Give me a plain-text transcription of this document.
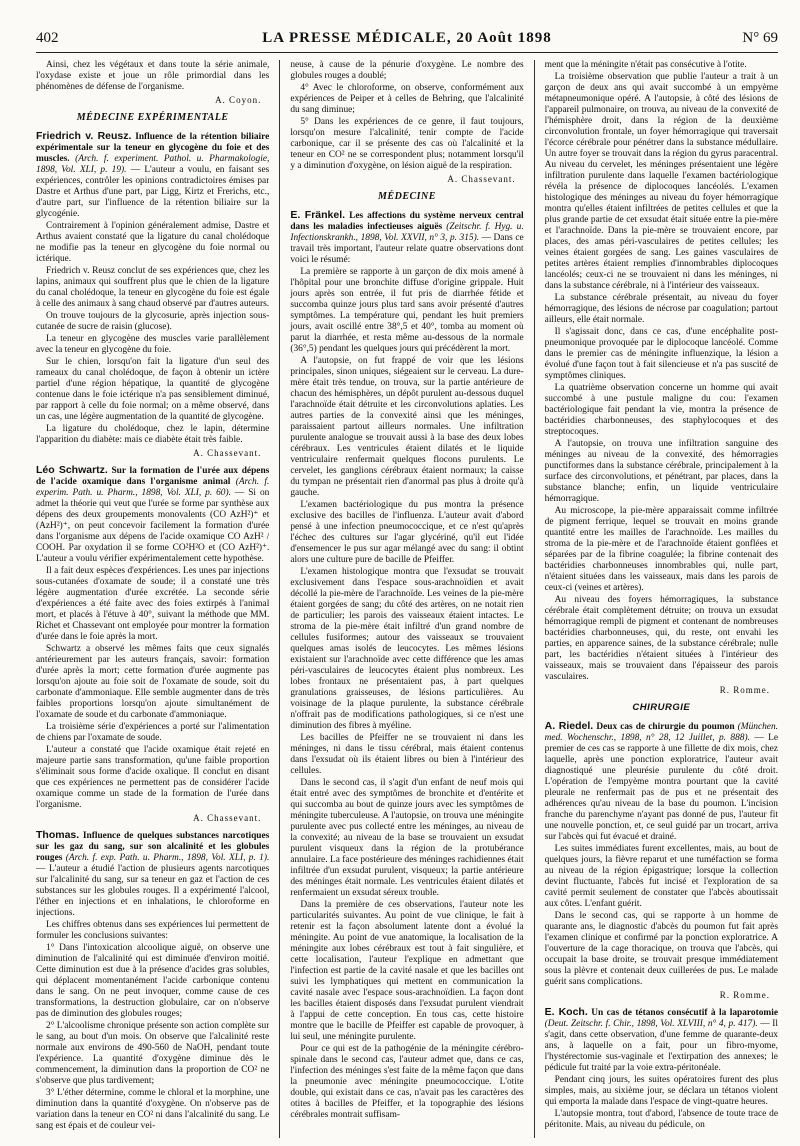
402	LA PRESSE MÉDICALE, 20 Août 1898	N° 69

Ainsi, chez les végétaux et dans toute la série animale, l'oxydase existe et joue un rôle primordial dans les phénomènes de défense de l'organisme.

A. Coyon.
MÉDECINE EXPÉRIMENTALE

Friedrich v. Reusz. Influence de la rétention biliaire expérimentale sur la teneur en glycogène du foie et des muscles. (Arch. f. experiment. Pathol. u. Pharmakologie, 1898, Vol. XLI, p. 19). — L'auteur a voulu, en faisant ses expériences, contrôler les opinions contradictoires émises par Dastre et Arthus d'une part, par Ligg, Kirtz et Frerichs, etc., d'autre part, sur l'influence de la rétention biliaire sur la glycogénie.

Contrairement à l'opinion généralement admise, Dastre et Arthus avaient constaté que la ligature du canal cholédoque ne modifie pas la teneur en glycogène du foie normal ou ictérique.

Friedrich v. Reusz conclut de ses expériences que, chez les lapins, animaux qui souffrent plus que le chien de la ligature du canal cholédoque, la teneur en glycogène du foie est égale à celle des animaux à sang chaud observé par d'autres auteurs.

On trouve toujours de la glycosurie, après injection sous-cutanée de sucre de raisin (glucose).

La teneur en glycogène des muscles varie parallèlement avec la teneur en glycogène du foie.

Sur le chien, lorsqu'on fait la ligature d'un seul des rameaux du canal cholédoque, de façon à obtenir un ictère partiel d'une région hépatique, la quantité de glycogène contenue dans le foie ictérique n'a pas sensiblement diminué, par rapport à celle du foie normal; on a même observé, dans un cas, une légère augmentation de la quantité de glycogène.

La ligature du cholédoque, chez le lapin, détermine l'apparition du diabète: mais ce diabète était très faible.

A. Chassevant.

Léo Schwartz. Sur la formation de l'urée aux dépens de l'acide oxamique dans l'organisme animal (Arch. f. experim. Path. u. Pharm., 1898, Vol. XLI, p. 60). — Si on admet la théorie qui veut que l'urée se forme par synthèse aux dépens des deux groupements monovalents (CO AzH²)⁺ et (AzH²)⁺, on peut concevoir facilement la formation d'urée dans l'organisme aux dépens de l'acide oxamique CO AzH² / COOH. Par oxydation il se forme CO²H²O et (CO AzH²)⁺. L'auteur a voulu vérifier expérimentalement cette hypothèse.

Il a fait deux espèces d'expériences. Les unes par injections sous-cutanées d'oxamate de soude; il a constaté une très légère augmentation d'urée excrétée. La seconde série d'expériences a été faite avec des foies extirpés à l'animal mort, et placés à l'étuve à 40°, suivant la méthode que MM. Richet et Chassevant ont employée pour montrer la formation d'urée dans le foie après la mort.

Schwartz a observé les mêmes faits que ceux signalés antérieurement par les auteurs français, savoir: formation d'urée après la mort; cette formation d'urée augmente pas lorsqu'on ajoute au foie soit de l'oxamate de soude, soit du carbonate d'ammoniaque. Elle semble augmenter dans de très faibles proportions lorsqu'on ajoute simultanément de l'oxamate de soude et du carbonate d'ammoniaque.

La troisième série d'expériences a porté sur l'alimentation de chiens par l'oxamate de soude.

L'auteur a constaté que l'acide oxamique était rejeté en majeure partie sans transformation, qu'une faible proportion s'éliminait sous forme d'acide oxalique. Il conclut en disant que ces expériences ne permettent pas de considérer l'acide oxamique comme un stade de la formation de l'urée dans l'organisme.

A. Chassevant.

Thomas. Influence de quelques substances narcotiques sur les gaz du sang, sur son alcalinité et les globules rouges (Arch. f. exp. Path. u. Pharm., 1898, Vol. XLI, p. 1). — L'auteur a étudié l'action de plusieurs agents narcotiques sur l'alcalinité du sang, sur sa teneur en gaz et l'action de ces substances sur les globules rouges. Il a expérimenté l'alcool, l'éther en injections et en inhalations, le chloroforme en injections.

Les chiffres obtenus dans ses expériences lui permettent de formuler les conclusions suivantes:

1° Dans l'intoxication alcoolique aiguë, on observe une diminution de l'alcalinité qui est diminuée d'environ moitié. Cette diminution est due à la présence d'acides gras solubles, qui déplacent momentanément l'acide carbonique contenu dans le sang. On ne peut invoquer, comme cause de ces transformations, la destruction globulaire, car on n'observe pas de diminution des globules rouges;

2° L'alcoolisme chronique présente son action complète sur le sang, au bout d'un mois. On observe que l'alcalinité reste normale aux environs de 490-560 de NaOH, pendant toute l'expérience. La quantité d'oxygène diminue dès le commencement, la diminution dans la proportion de CO² ne s'observe que plus tardivement;

3° L'éther détermine, comme le chloral et la morphine, une diminution dans la quantité d'oxygène. On n'observe pas de variation dans la teneur en CO² ni dans l'alcalinité du sang. Le sang est épais et de couleur vei-

neuse, à cause de la pénurie d'oxygène. Le nombre des globules rouges a doublé;

4° Avec le chloroforme, on observe, conformément aux expériences de Peiper et à celles de Behring, que l'alcalinité du sang diminue;

5° Dans les expériences de ce genre, il faut toujours, lorsqu'on mesure l'alcalinité, tenir compte de l'acide carbonique, car il se présente des cas où l'alcalinité et la teneur en CO² ne se correspondent plus; notamment lorsqu'il y a diminution d'oxygène, on lésion aiguë de la respiration.

A. Chassevant.
MÉDECINE

E. Fränkel. Les affections du système nerveux central dans les maladies infectieuses aiguës (Zeitschr. f. Hyg. u. Infectionskrankh., 1898, Vol. XXVII, n° 3, p. 315). — Dans ce travail très important, l'auteur relate quatre observations dont voici le résumé:

La première se rapporte à un garçon de dix mois amené à l'hôpital pour une bronchite diffuse d'origine grippale. Huit jours après son entrée, il fut pris de diarrhée fétide et succomba quinze jours plus tard sans avoir présenté d'autres symptômes. La température qui, pendant les huit premiers jours, avait oscillé entre 38°,5 et 40°, tomba au moment où parut la diarrhée, et resta même au-dessous de la normale (36°,5) pendant les quelques jours qui précédèrent la mort.

A l'autopsie, on fut frappé de voir que les lésions principales, sinon uniques, siégeaient sur le cerveau. La dure-mère était très tendue, on trouva, sur la partie antérieure de chacun des hémisphères, un dépôt purulent au-dessous duquel l'arachnoïde était détruite et les circonvolutions aplaties. Les autres parties de la convexité ainsi que les méninges, paraissaient partout ailleurs normales. Une infiltration purulente analogue se trouvait aussi à la base des deux lobes cérébraux. Les ventricules étaient dilatés et le liquide ventriculaire renfermait quelques flocons purulents. Le cervelet, les ganglions cérébraux étaient normaux; la caisse du tympan ne présentait rien d'anormal pas plus à droite qu'à gauche.

L'examen bactériologique du pus montra la présence exclusive des bacilles de l'influenza. L'auteur avait d'abord pensé à une infection pneumococcique, et ce n'est qu'après l'échec des cultures sur l'agar glycériné, qu'il eut l'idée d'ensemencer le pus sur agar mélangé avec du sang: il obtint alors une culture pure de bacille de Pfeiffer.

L'examen histologique montra que l'exsudat se trouvait exclusivement dans l'espace sous-arachnoïdien et avait décollé la pie-mère de l'arachnoïde. Les veines de la pie-mère étaient gorgées de sang; du côté des artères, on ne notait rien de particulier; les parois des vaisseaux étaient intactes. Le stroma de la pie-mère était infiltré d'un grand nombre de cellules fusiformes; autour des vaisseaux se trouvaient quelques amas isolés de leucocytes. Les mêmes lésions existaient sur l'arachnoïde avec cette différence que les amas péri-vasculaires de leucocytes étaient plus nombreux. Les lobes frontaux ne présentaient pas, à part quelques granulations graisseuses, de lésions particulières. Au voisinage de la plaque purulente, la substance cérébrale n'offrait pas de modifications pathologiques, si ce n'est une diminution des fibres à myéline.

Les bacilles de Pfeiffer ne se trouvaient ni dans les méninges, ni dans le tissu cérébral, mais étaient contenus dans l'exsudat où ils étaient libres ou bien à l'intérieur des cellules.

Dans le second cas, il s'agit d'un enfant de neuf mois qui était entré avec des symptômes de bronchite et d'entérite et qui succomba au bout de quinze jours avec les symptômes de méningite tuberculeuse. A l'autopsie, on trouva une méningite purulente avec pus collecté entre les méninges, au niveau de la convexité; au niveau de la base se trouvaient un exsudat purulent visqueux dans la région de la protubérance annulaire. La face postérieure des méninges rachidiennes était infiltrée d'un exsudat purulent, visqueux; la partie antérieure des méninges était normale. Les ventricules étaient dilatés et renfermaient un exsudat séreux trouble.

Dans la première de ces observations, l'auteur note les particularités suivantes. Au point de vue clinique, le fait à retenir est la façon absolument latente dont a évolué la méningite. Au point de vue anatomique, la localisation de la méningite aux lobes cérébraux est tout à fait singulière, et cette localisation, l'auteur l'explique en admettant que l'infection est partie de la cavité nasale et que les bacilles ont suivi les lymphatiques qui mettent en communication la cavité nasale avec l'espace sous-arachnoïdien. La façon dont les bacilles étaient disposés dans l'exsudat purulent viendrait à l'appui de cette conception. En tous cas, cette histoire montre que le bacille de Pfeiffer est capable de provoquer, à lui seul, une méningite purulente.

Pour ce qui est de la pathogénie de la méningite cérébro-spinale dans le second cas, l'auteur admet que, dans ce cas, l'infection des méninges s'est faite de la même façon que dans la pneumonie avec méningite pneumococcique. L'otite double, qui existait dans ce cas, n'avait pas les caractères des otites à bacilles de Pfeiffer, et la topographie des lésions cérébrales montrait suffisam-

ment que la méningite n'était pas consécutive à l'otite.

La troisième observation que publie l'auteur a trait à un garçon de deux ans qui avait succombé à un empyème métapneumonique opéré. A l'autopsie, à côté des lésions de l'appareil pulmonaire, on trouva, au niveau de la convexité de l'hémisphère droit, dans la région de la deuxième circonvolution frontale, un foyer hémorragique qui traversait l'écorce cérébrale pour pénétrer dans la substance médullaire. Un autre foyer se trouvait dans la région du gyrus paracentral. Au niveau du cervelet, les méninges présentaient une légère infiltration purulente dans laquelle l'examen bactériologique révéla la présence de diplocoques lancéolés. L'examen histologique des méninges au niveau du foyer hémorragique montra qu'elles étaient infiltrées de petites cellules et que la plus grande partie de cet exsudat était située entre la pie-mère et l'arachnoïde. Dans la pie-mère se trouvaient encore, par places, des amas péri-vasculaires de petites cellules; les veines étaient gorgées de sang. Les gaines vasculaires de petites artères étaient remplies d'innombrables diplocoques lancéolés; ceux-ci ne se trouvaient ni dans les méninges, ni dans la substance cérébrale, ni à l'intérieur des vaisseaux.

La substance cérébrale présentait, au niveau du foyer hémorragique, des lésions de nécrose par coagulation; partout ailleurs, elle était normale.

Il s'agissait donc, dans ce cas, d'une encéphalite post-pneumonique provoquée par le diplocoque lancéolé. Comme dans le premier cas de méningite influenzique, la lésion a évolué d'une façon tout à fait silencieuse et n'a pas suscité de symptômes cliniques.

La quatrième observation concerne un homme qui avait succombé à une pustule maligne du cou: l'examen bactériologique fait pendant la vie, montra la présence de bactéridies charbonneuses, des staphylocoques et des streptocoques.

A l'autopsie, on trouva une infiltration sanguine des méninges au niveau de la convexité, des hémorragies punctiformes dans la substance cérébrale, principalement à la surface des circonvolutions, et pénétrant, par places, dans la substance blanche; enfin, un liquide ventriculaire hémorragique.

Au microscope, la pie-mère apparaissait comme infiltrée de pigment ferrique, lequel se trouvait en moins grande quantité entre les mailles de l'arachnoïde. Les mailles du stroma de la pie-mère et de l'arachnoïde étaient gonflées et séparées par de la fibrine coagulée; la fibrine contenait des bactéridies charbonneuses innombrables qui, nulle part, n'étaient situées dans les vaisseaux, mais dans les parois de ceux-ci (veines et artères).

Au niveau des foyers hémorragiques, la substance cérébrale était complètement détruite; on trouva un exsudat hémorragique rempli de pigment et contenant de nombreuses bactéridies charbonneuses, qui, du reste, ont envahi les parties, en apparence saines, de la substance cérébrale; nulle part, les bactéridies n'étaient situées à l'intérieur des vaisseaux, mais se trouvaient dans l'épaisseur des parois vasculaires.

R. Romme.
CHIRURGIE

A. Riedel. Deux cas de chirurgie du poumon (München. med. Wochenschr., 1898, n° 28, 12 Juillet, p. 888). — Le premier de ces cas se rapporte à une fillette de dix mois, chez laquelle, après une ponction exploratrice, l'auteur avait diagnostiqué une pleurésie purulente du côté droit. L'opération de l'empyème montra pourtant que la cavité pleurale ne renfermait pas de pus et ne présentait des adhérences qu'au niveau de la base du poumon. L'incision franche du parenchyme n'ayant pas donné de pus, l'auteur fit une nouvelle ponction, et, ce seul guidé par un trocart, arriva sur l'abcès qui fut évacué et drainé.

Les suites immédiates furent excellentes, mais, au bout de quelques jours, la fièvre reparut et une tuméfaction se forma au niveau de la région épigastrique; lorsque la collection devint fluctuante, l'abcès fut incisé et l'exploration de sa cavité permit seulement de constater que l'abcès aboutissait aux côtes. L'enfant guérit.

Dans le second cas, qui se rapporte à un homme de quarante ans, le diagnostic d'abcès du poumon fut fait après l'examen clinique et confirmé par la ponction exploratrice. A l'ouverture de la cage thoracique, on trouva que l'abcès, qui occupait la base droite, se trouvait presque immédiatement sous la plèvre et contenait deux cuillerées de pus. Le malade guérit sans complications.

R. Romme.

E. Koch. Un cas de tétanos consécutif à la laparotomie (Deut. Zeitschr. f. Chir., 1898, Vol. XLVIII, n° 4, p. 417). — Il s'agit, dans cette observation, d'une femme de quarante-deux ans, à laquelle on a fait, pour un fibro-myome, l'hystérectomie sus-vaginale et l'extirpation des annexes; le pédicule fut traité par la voie extra-péritonéale.

Pendant cinq jours, les suites opératoires furent des plus simples, mais, au sixième jour, se déclara un tétanos violent qui emporta la malade dans l'espace de vingt-quatre heures.

L'autopsie montra, tout d'abord, l'absence de toute trace de péritonite. Mais, au niveau du pédicule, on
